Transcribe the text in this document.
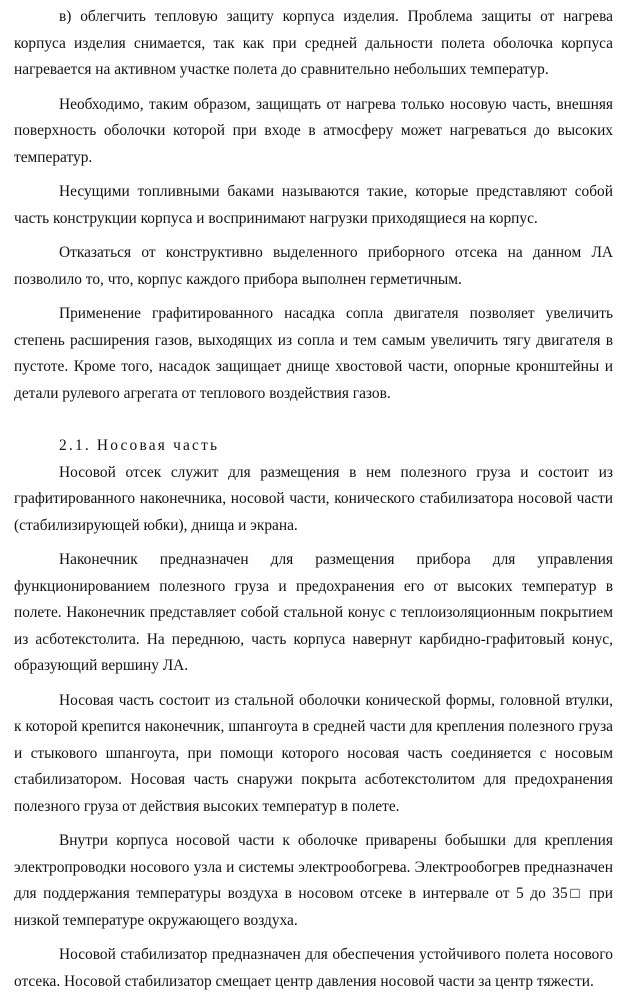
в) облегчить тепловую защиту корпуса изделия. Проблема защиты от нагрева корпуса изделия снимается, так как при средней дальности полета оболочка корпуса нагревается на активном участке полета до сравнительно небольших температур.

Необходимо, таким образом, защищать от нагрева только носовую часть, внешняя поверхность оболочки которой при входе в атмосферу может нагреваться до высоких температур.

Несущими топливными баками называются такие, которые представляют собой часть конструкции корпуса и воспринимают нагрузки приходящиеся на корпус.

Отказаться от конструктивно выделенного приборного отсека на данном ЛА позволило то, что, корпус каждого прибора выполнен герметичным.

Применение графитированного насадка сопла двигателя позволяет увеличить степень расширения газов, выходящих из сопла и тем самым увеличить тягу двигателя в пустоте. Кроме того, насадок защищает днище хвостовой части, опорные кронштейны и детали рулевого агрегата от теплового воздействия газов.

2.1. Носовая часть

Носовой отсек служит для размещения в нем полезного груза и состоит из графитированного наконечника, носовой части, конического стабилизатора носовой части (стабилизирующей юбки), днища и экрана.

Наконечник предназначен для размещения прибора для управления функционированием полезного груза и предохранения его от высоких температур в полете. Наконечник представляет собой стальной конус с теплоизоляционным покрытием из асботекстолита. На переднюю, часть корпуса навернут карбидно-графитовый конус, образующий вершину ЛА.

Носовая часть состоит из стальной оболочки конической формы, головной втулки, к которой крепится наконечник, шпангоута в средней части для крепления полезного груза и стыкового шпангоута, при помощи которого носовая часть соединяется с носовым стабилизатором. Носовая часть снаружи покрыта асботекстолитом для предохранения полезного груза от действия высоких температур в полете.

Внутри корпуса носовой части к оболочке приварены бобышки для крепления электропроводки носового узла и системы электрообогрева. Электрообогрев предназначен для поддержания температуры воздуха в носовом отсеке в интервале от 5 до 35□ при низкой температуре окружающего воздуха.

Носовой стабилизатор предназначен для обеспечения устойчивого полета носового отсека. Носовой стабилизатор смещает центр давления носовой части за центр тяжести.
